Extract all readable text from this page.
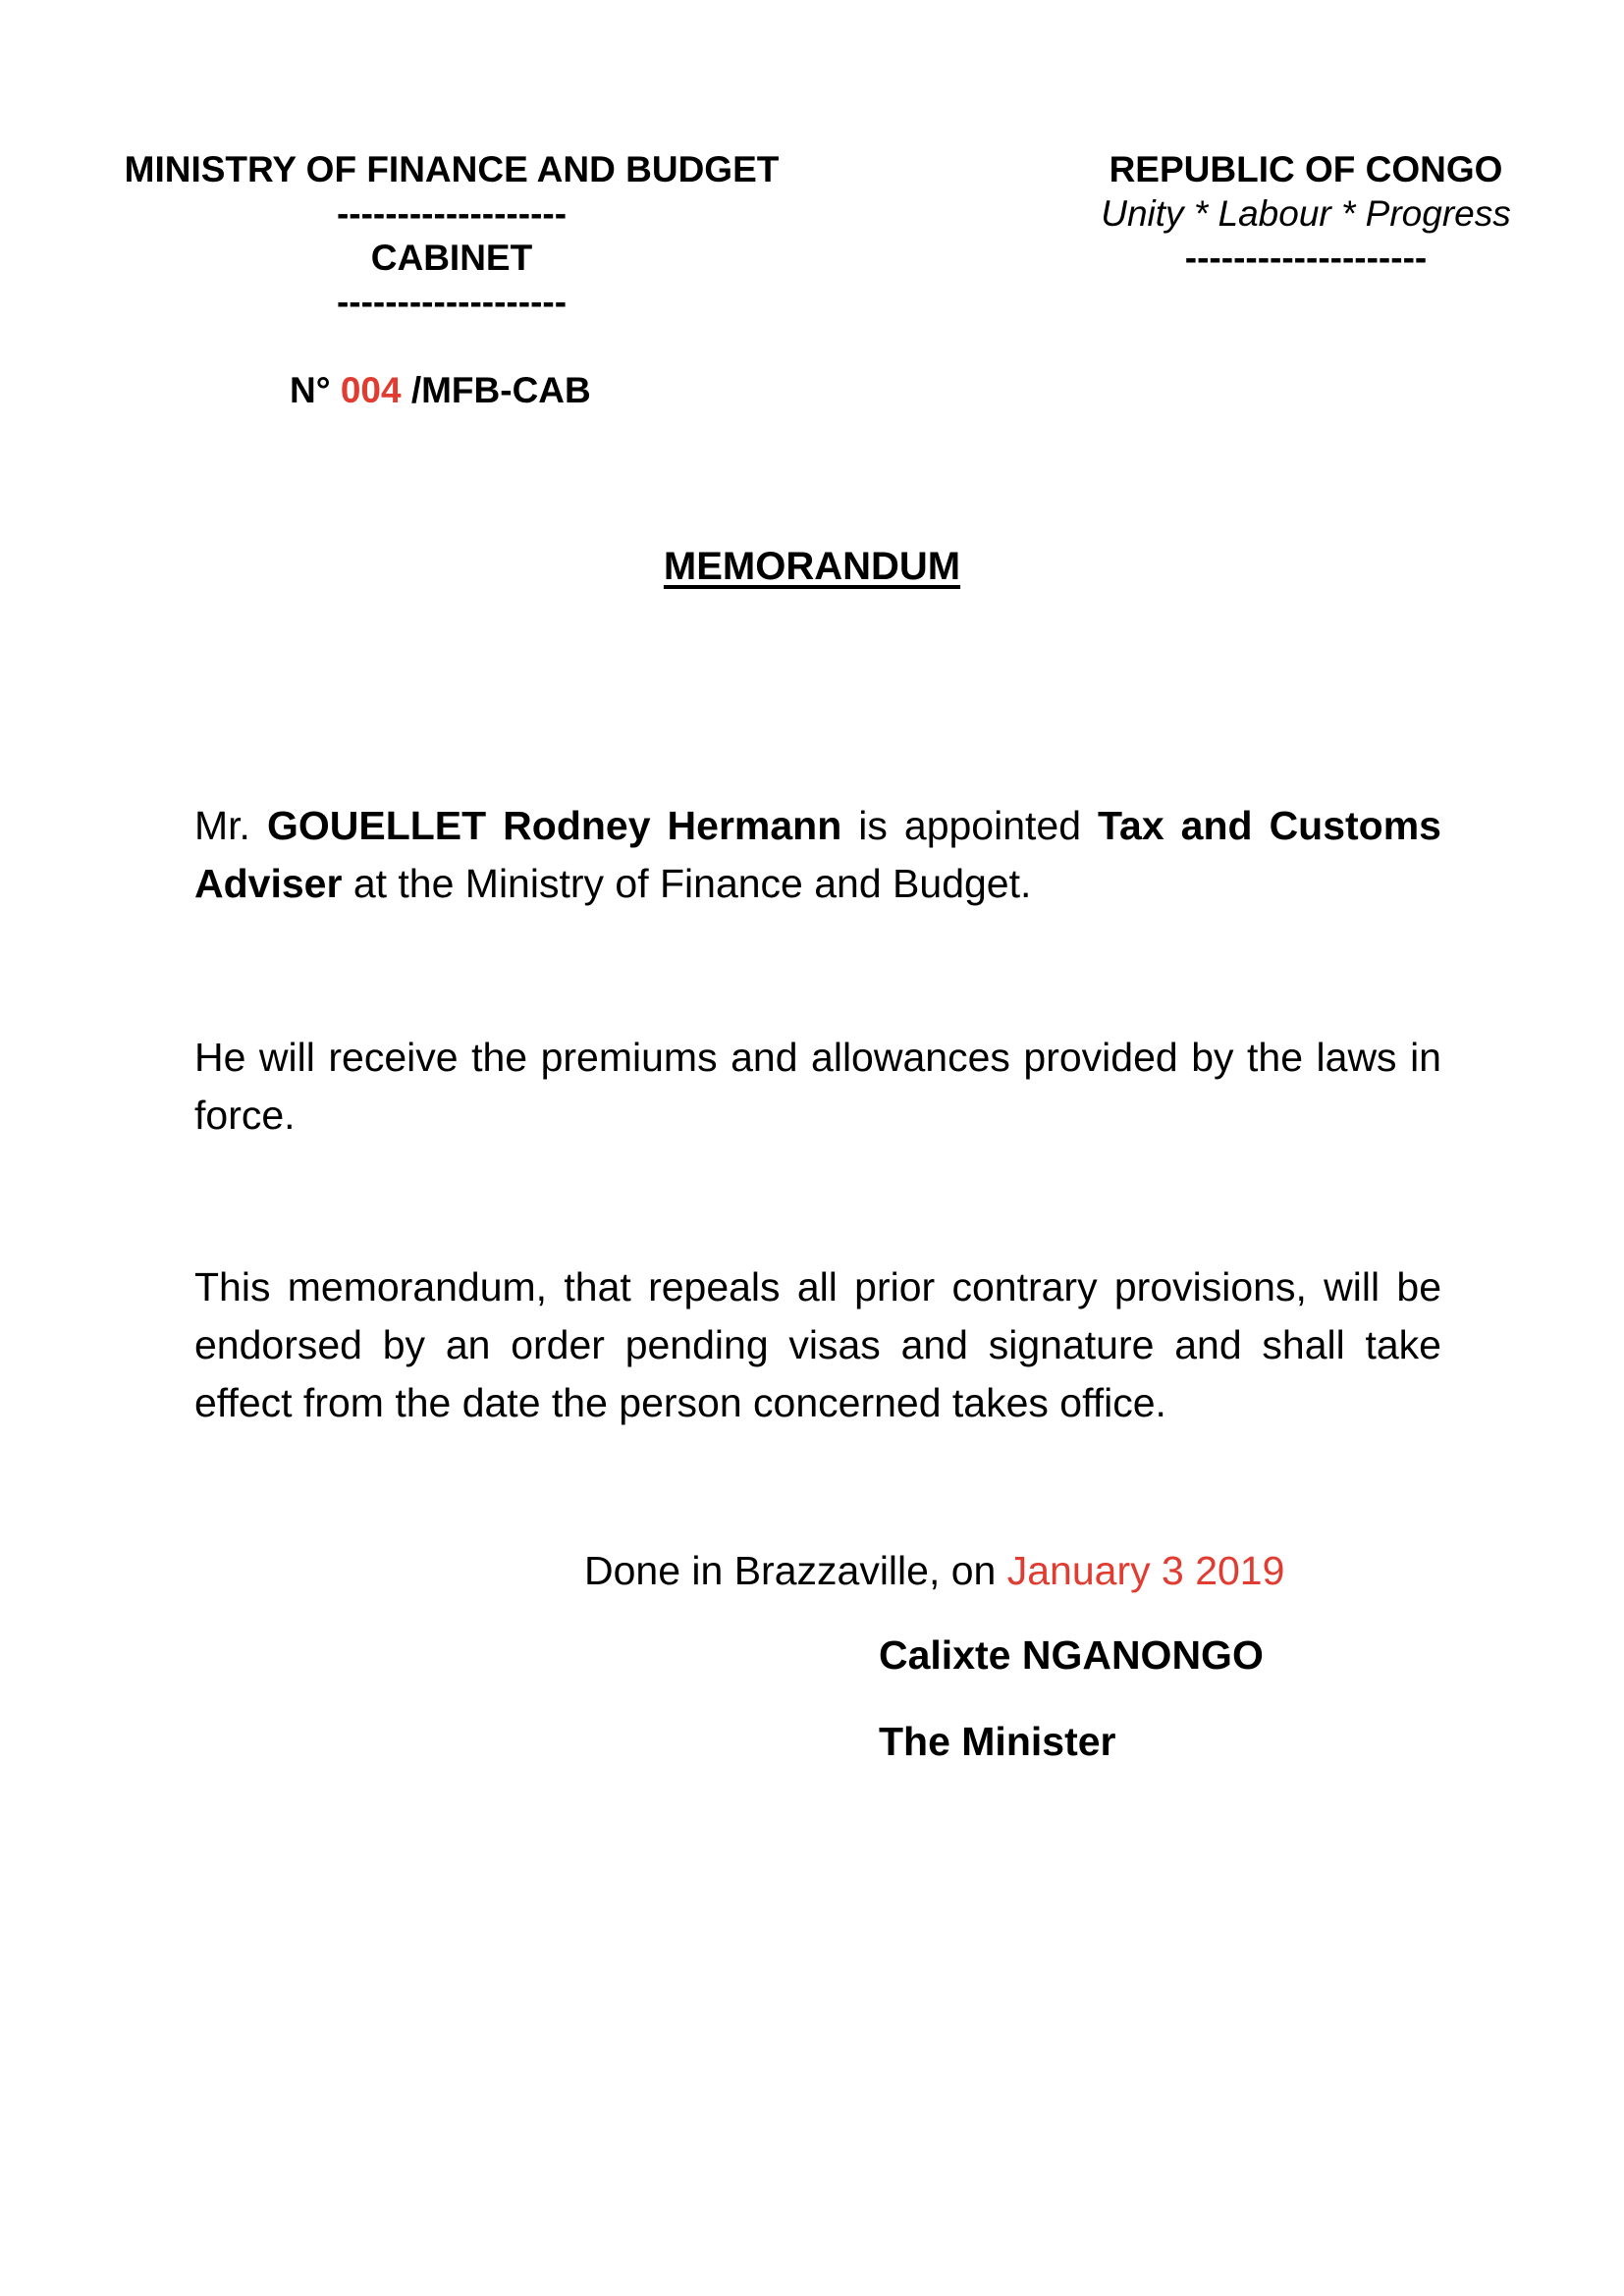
MINISTRY OF FINANCE AND BUDGET
-------------------
CABINET
-------------------
REPUBLIC OF CONGO
Unity * Labour * Progress
--------------------
N° 004 /MFB-CAB
MEMORANDUM
Mr. GOUELLET Rodney Hermann is appointed Tax and Customs Adviser at the Ministry of Finance and Budget.
He will receive the premiums and allowances provided by the laws in force.
This memorandum, that repeals all prior contrary provisions, will be endorsed by an order pending visas and signature and shall take effect from the date the person concerned takes office.
Done in Brazzaville, on January 3 2019
Calixte NGANONGO
The Minister
